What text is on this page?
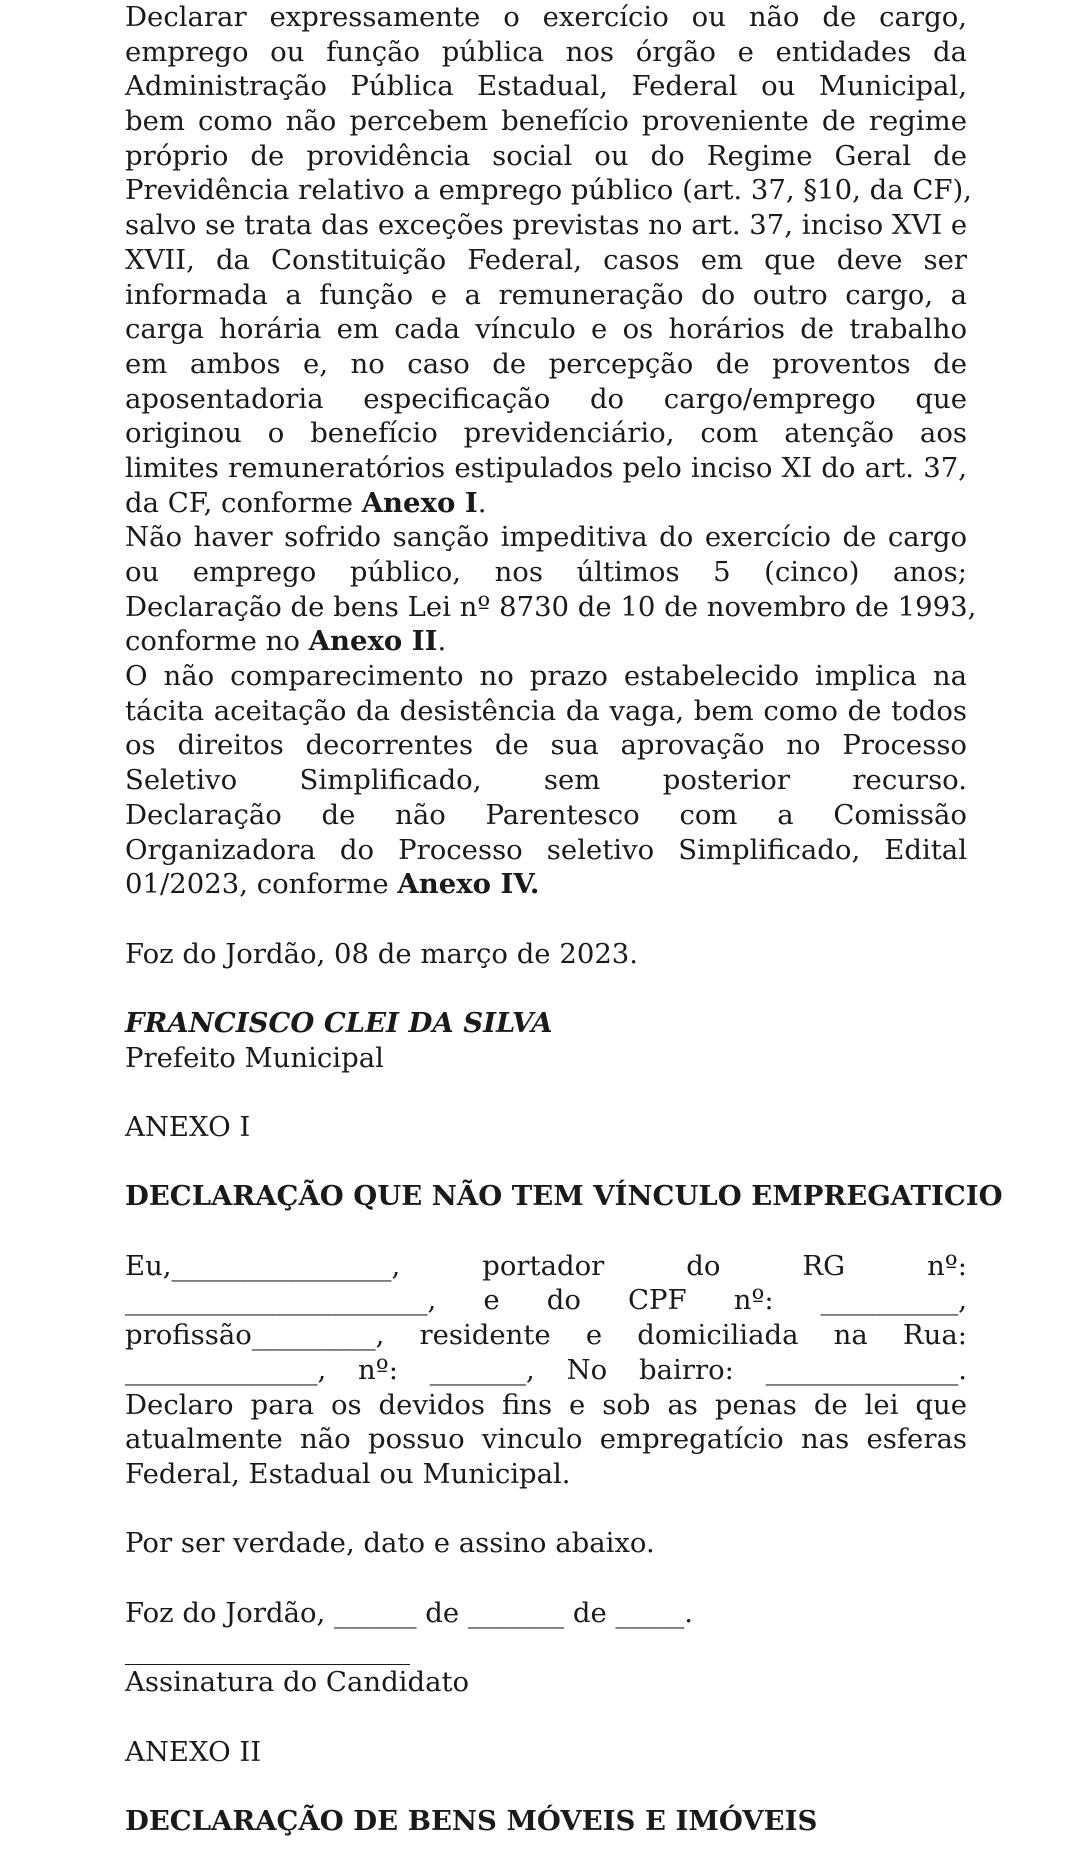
Declarar expressamente o exercício ou não de cargo,
emprego ou função pública nos órgão e entidades da
Administração Pública Estadual, Federal ou Municipal,
bem como não percebem benefício proveniente de regime
próprio de providência social ou do Regime Geral de
Previdência relativo a emprego público (art. 37, §10, da CF),
salvo se trata das exceções previstas no art. 37, inciso XVI e
XVII, da Constituição Federal, casos em que deve ser
informada a função e a remuneração do outro cargo, a
carga horária em cada vínculo e os horários de trabalho
em ambos e, no caso de percepção de proventos de
aposentadoria especificação do cargo/emprego que
originou o benefício previdenciário, com atenção aos
limites remuneratórios estipulados pelo inciso XI do art. 37,
da CF, conforme Anexo I.
Não haver sofrido sanção impeditiva do exercício de cargo
ou emprego público, nos últimos 5 (cinco) anos;
Declaração de bens Lei nº 8730 de 10 de novembro de 1993,
conforme no Anexo II.
O não comparecimento no prazo estabelecido implica na
tácita aceitação da desistência da vaga, bem como de todos
os direitos decorrentes de sua aprovação no Processo
Seletivo Simplificado, sem posterior recurso.
Declaração de não Parentesco com a Comissão
Organizadora do Processo seletivo Simplificado, Edital
01/2023, conforme Anexo IV.
Foz do Jordão, 08 de março de 2023.
FRANCISCO CLEI DA SILVA
Prefeito Municipal
ANEXO I
DECLARAÇÃO QUE NÃO TEM VÍNCULO EMPREGATICIO
Eu,________________, portador do RG nº:
______________________, e do CPF nº: __________,
profissão_________, residente e domiciliada na Rua:
______________, nº: _______, No bairro: ______________.
Declaro para os devidos fins e sob as penas de lei que
atualmente não possuo vinculo empregatício nas esferas
Federal, Estadual ou Municipal.
Por ser verdade, dato e assino abaixo.
Foz do Jordão, ______ de _______ de _____.
Assinatura do Candidato
ANEXO II
DECLARAÇÃO DE BENS MÓVEIS E IMÓVEIS
